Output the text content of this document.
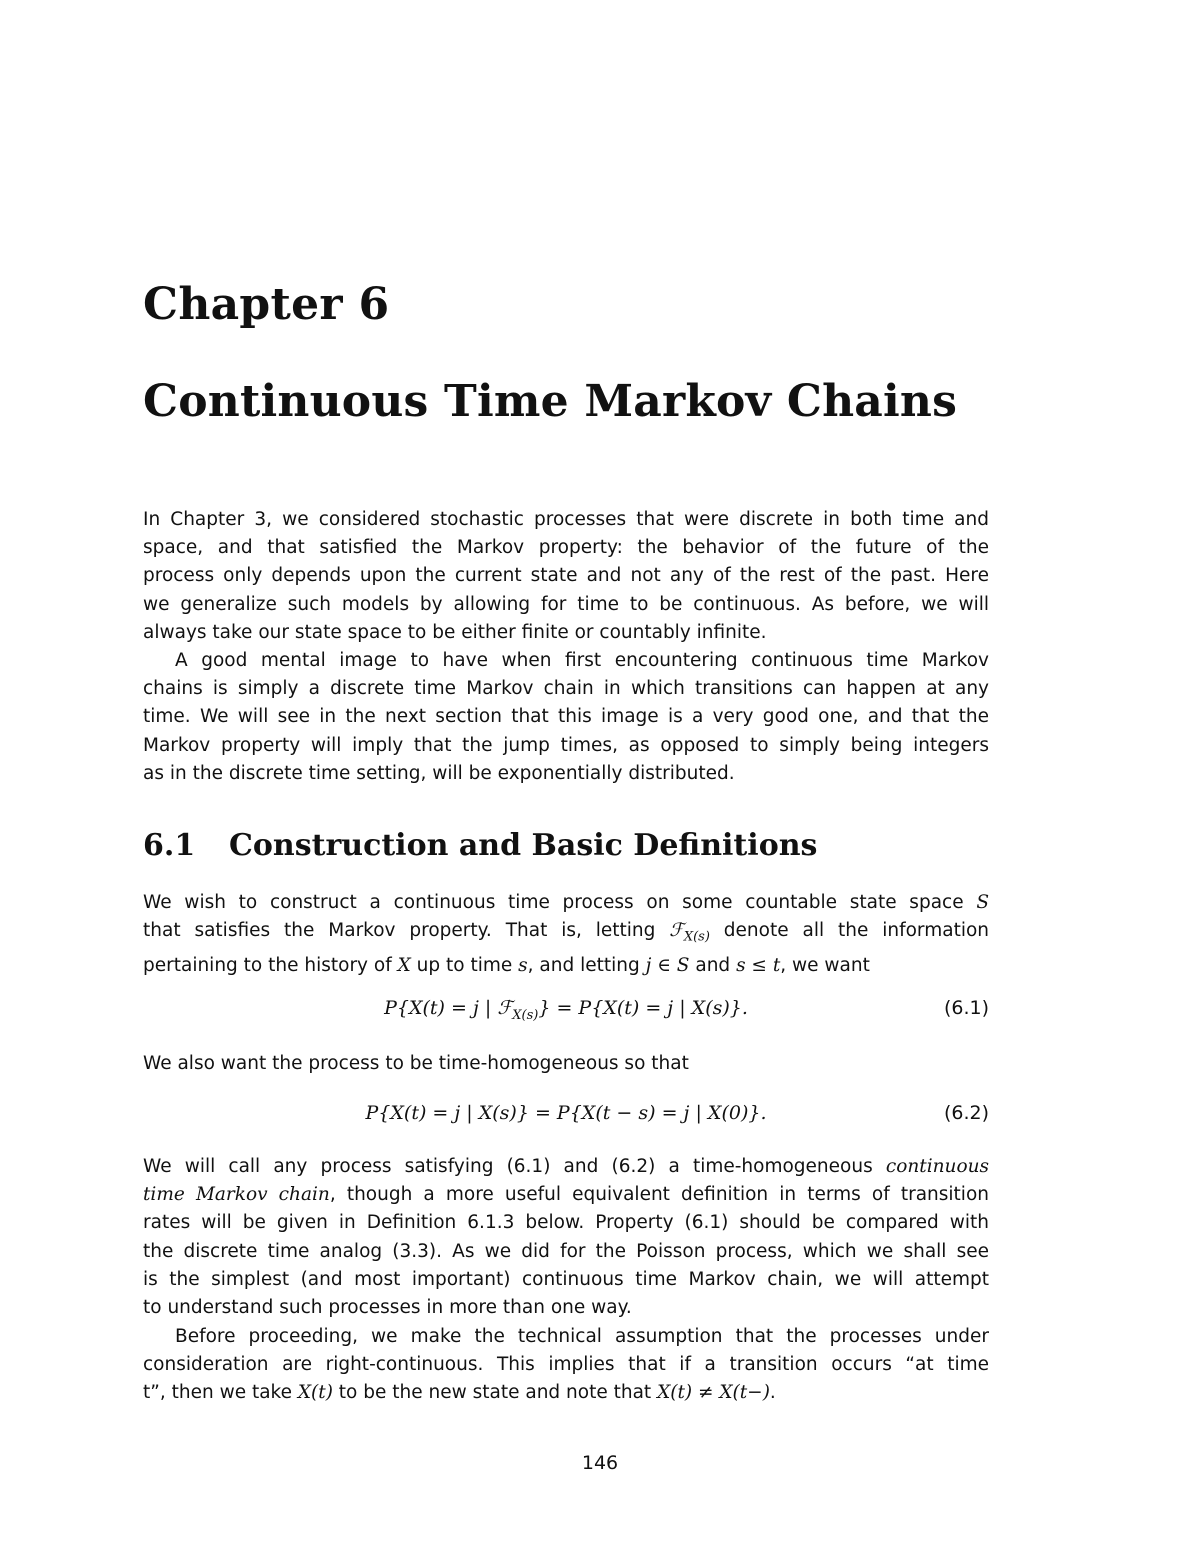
Chapter 6
Continuous Time Markov Chains
In Chapter 3, we considered stochastic processes that were discrete in both time and
space, and that satisfied the Markov property: the behavior of the future of the
process only depends upon the current state and not any of the rest of the past. Here
we generalize such models by allowing for time to be continuous. As before, we will
always take our state space to be either finite or countably infinite.
A good mental image to have when first encountering continuous time Markov
chains is simply a discrete time Markov chain in which transitions can happen at any
time. We will see in the next section that this image is a very good one, and that the
Markov property will imply that the jump times, as opposed to simply being integers
as in the discrete time setting, will be exponentially distributed.
6.1 Construction and Basic Definitions
We wish to construct a continuous time process on some countable state space S
that satisfies the Markov property. That is, letting ℱ$_{X(s)}$ denote all the information
pertaining to the history of X up to time s, and letting j ∈ S and s ≤ t, we want
P{X(t) = j | ℱ$_{X(s)}$} = P{X(t) = j | X(s)}.	(6.1)
We also want the process to be time-homogeneous so that
P{X(t) = j | X(s)} = P{X(t − s) = j | X(0)}.	(6.2)
We will call any process satisfying (6.1) and (6.2) a time-homogeneous continuous
time Markov chain, though a more useful equivalent definition in terms of transition
rates will be given in Definition 6.1.3 below. Property (6.1) should be compared with
the discrete time analog (3.3). As we did for the Poisson process, which we shall see
is the simplest (and most important) continuous time Markov chain, we will attempt
to understand such processes in more than one way.
Before proceeding, we make the technical assumption that the processes under
consideration are right-continuous. This implies that if a transition occurs “at time
t”, then we take X(t) to be the new state and note that X(t) ≠ X(t−).
146
